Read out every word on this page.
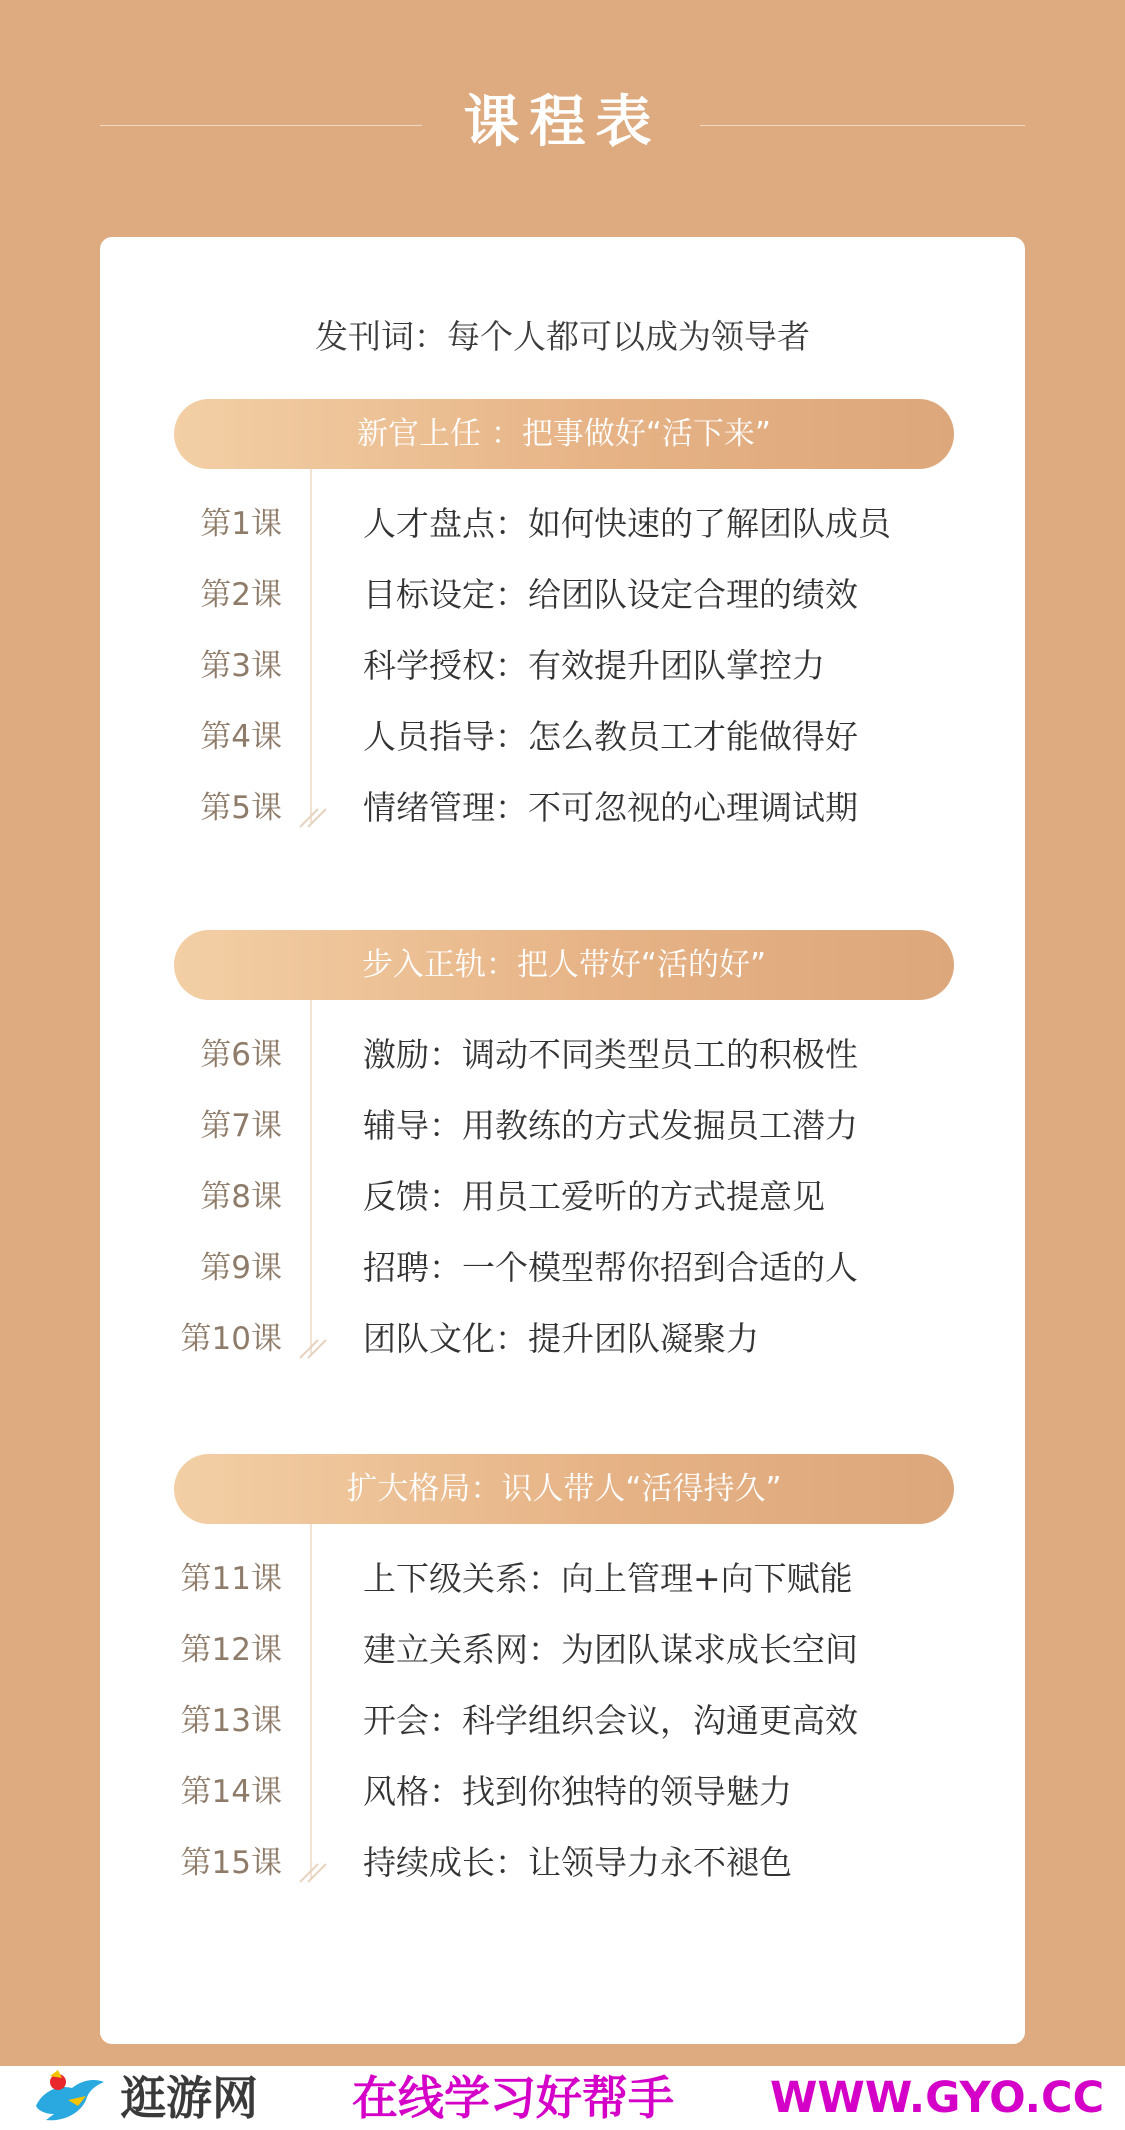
课程表
发刊词：每个人都可以成为领导者
新官上任 ：把事做好“活下来”
第1课 人才盘点：如何快速的了解团队成员
第2课 目标设定：给团队设定合理的绩效
第3课 科学授权：有效提升团队掌控力
第4课 人员指导：怎么教员工才能做得好
第5课 情绪管理：不可忽视的心理调试期
步入正轨：把人带好“活的好”
第6课 激励：调动不同类型员工的积极性
第7课 辅导：用教练的方式发掘员工潜力
第8课 反馈：用员工爱听的方式提意见
第9课 招聘：一个模型帮你招到合适的人
第10课 团队文化：提升团队凝聚力
扩大格局：识人带人“活得持久”
第11课 上下级关系：向上管理+向下赋能
第12课 建立关系网：为团队谋求成长空间
第13课 开会：科学组织会议，沟通更高效
第14课 风格：找到你独特的领导魅力
第15课 持续成长：让领导力永不褪色
逛游网 在线学习好帮手 WWW.GYO.CC
